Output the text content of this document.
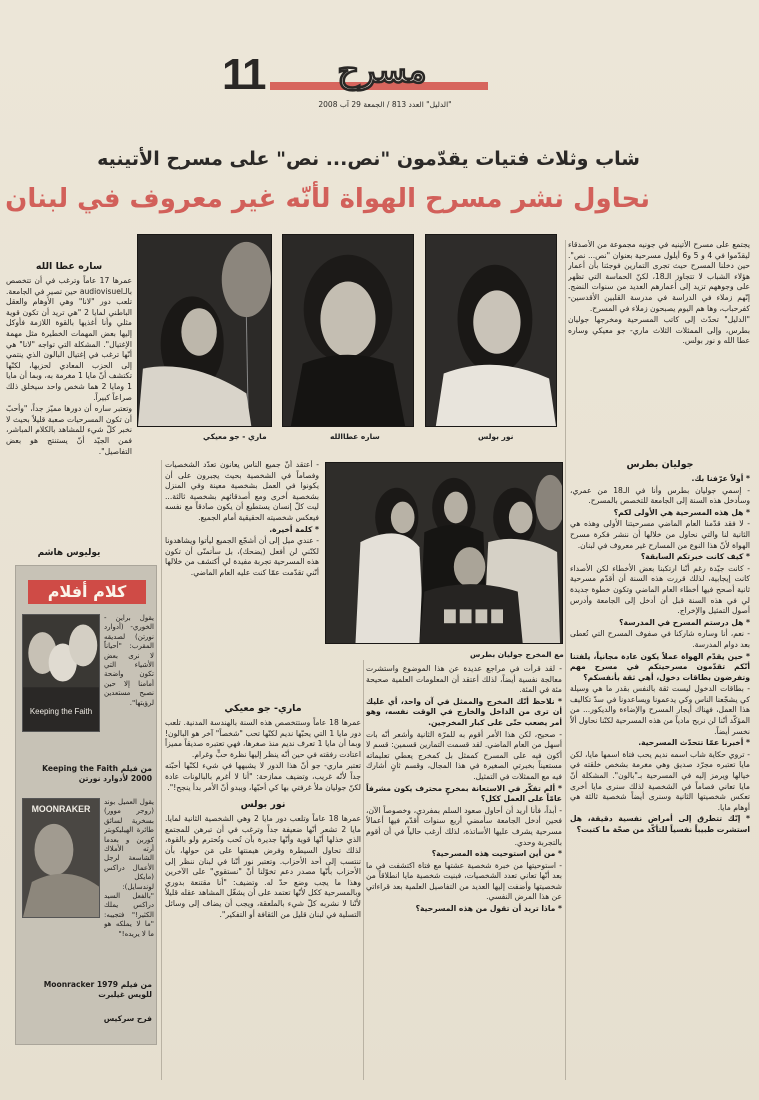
11	مسرح
"الدليل" العدد 813 / الجمعة 29 آب 2008
شاب وثلاث فتيات يقدّمون "نص... نص" على مسرح الأتينيه
نحاول نشر مسرح الهواة لأنّه غير معروف في لبنان

يجتمع على مسرح الأتينيه في جونيه مجموعة من الأصدقاء ليقدّموا في 4 و 5 و6 أيلول مسرحية بعنوان "نص... نص". حين دخلنا المسرح حيث تجرى التمارين فوجئنا بأن أعمار هؤلاء الشباب لا تتجاوز الـ18، لكنّ الحماسة التي تظهر على وجوههم تزيد إلى أعمارهم العديد من سنوات النضج. إنّهم زملاء في الدراسة في مدرسة القلبين الأقدسين- كفرحباب، وها هم اليوم يصبحون زملاء في المسرح.

"الدليل" تحدّث إلى كاتب المسرحية ومخرجها جوليان بطرس، وإلى الممثلات الثلاث ماري- جو معيكي وساره عطا الله و نور بولس.

نور بولس
ساره عطاالله
ماري - جو معيكي
مع المخرج جوليان بطرس
جوليان بطرس

* أولاً عرّفنا بك.

- إسمي جوليان بطرس وأنا في الـ18 من عمري، وسأدخل هذه السنة إلى الجامعة للتخصص بالمسرح.

* هل هذه المسرحية هي الأولى لكم؟

- لا فقد قدّمنا العام الماضي مسرحيتنا الأولى وهذه هي الثانية لنا والتي نحاول من خلالها أن ننشر فكرة مسرح الهواة لأنّ هذا النوع من المسارح غير معروف في لبنان.

* كيف كانت خبرتكم السابقة؟

- كانت جيّدة رغم أنّنا ارتكبنا بعض الأخطاء لكن الأصداء كانت إيجابية، لذلك قررت هذه السنة أن أقدّم مسرحية ثانية أصحح فيها أخطاء العام الماضي وتكون خطوة جديدة لي في هذه السنة قبل أن أدخل إلى الجامعة وأدرس أصول التمثيل والإخراج.

* هل درستم المسرح في المدرسة؟

- نعم، أنا وساره شاركنا في صفوف المسرح التي تُعطى بعد دوام المدرسة.

* حين يقدّم الهواة عملاً يكون عادة مجانياً، يلفتنا أنّكم تقدّمون مسرحيتكم في مسرح مهم وتفرضون بطاقات دخول، أهي ثقة بأنفسكم؟

- بطاقات الدخول ليست ثقة بالنفس بقدر ما هي وسيلة كي يشجّعنا الناس وكي يدعمونا ويساعدونا في سدّ تكاليف هذا العمل، فهناك أيجار المسرح والإضاءة والديكور... من المؤكّد أنّنا لن نربح مادياً من هذه المسرحية لكنّنا نحاول ألاّ نخسر أيضاً.

* أخبرنا عمّا تتحدّث المسرحية.

- تروي حكاية شاب اسمه نديم يحب فتاة اسمها مايا، لكن مايا تعتبره مجرّد صديق وهي مغرمة بشخص خلقته في خيالها ويرمز إليه في المسرحية بـ"بالون". المشكلة أنّ مايا تعاني فصاماً في الشخصية لذلك سنرى مايا أخرى تعكس شخصيتها الثانية وسنرى أيضاً شخصية ثالثة هي أوهام مايا.

* إنّك تتطرق إلى أمراض نفسية دقيقة، هل استشرت طبيباً نفسياً للتأكّد من صحّة ما كتبت؟

- لقد قرأت في مراجع عديدة عن هذا الموضوع واستشرت معالجة نفسية أيضاً، لذلك أعتقد أن المعلومات العلمية صحيحة مئة في المئة.

* نلاحظ أنّك المخرج والممثل في آن واحد، أي عليك أن ترى من الداخل والخارج في الوقت نفسه، وهو أمر يصعب حتّى على كبار المخرجين.

- صحيح، لكن هذا الأمر أقوم به للمرّة الثانية وأشعر أنّه بات أسهل من العام الماضي. لقد قسمت التمارين قسمين: قسم لا أكون فيه على المسرح كممثل بل كمخرج يعطي تعليماته مستعيناً بخبرتي الصغيرة في هذا المجال، وقسم ثانٍ أشارك فيه مع الممثلات في التمثيل.

* ألم تفكّر في الاستعانة بمخرجٍ محترف يكون مشرفاً عامّاً على العمل ككل؟

- أبداً، فأنا أريد أن أحاول صعود السلم بمفردي، وخصوصاً الآن، فحين أدخل الجامعة سأمضي أربع سنوات أقدّم فيها أعمالاً مسرحية يشرف عليها الأساتذة، لذلك أرغب حالياً في أن أقوم بالتجربة وحدي.

* من أين استوحيت هذه المسرحية؟

- استوحيتها من خبرة شخصية عشتها مع فتاة اكتشفت في ما بعد أنّها تعاني تعدد الشخصيات، فبنيت شخصية مايا انطلاقاً من شخصيتها وأضفت إليها العديد من التفاصيل العلمية بعد قراءاتي عن هذا المرض النفسي.

* ماذا تريد أن تقول من هذه المسرحية؟

- أعتقد أنّ جميع الناس يعانون تعدّد الشخصيات وفصاماً في الشخصية بحيث يجبرون على أن يكونوا في العمل بشخصية معينة وفي المنزل بشخصية أخرى ومع أصدقائهم بشخصية ثالثة... ليت كلّ إنسان يستطيع أن يكون صادقاً مع نفسه فيعكس شخصيته الحقيقية أمام الجميع.

* كلمة أخيرة.

- عندي ميل إلى أن أشجّع الجميع ليأتوا ويشاهدونا لكنّني لن أفعل (يضحك)، بل سأتمنّى أن تكون هذه المسرحية تجربة مفيدة لي أكتشف من خلالها أنّني تقدّمت عمّا كنت عليه العام الماضي.

ماري- جو معيكي

عمرها 18 عاماً وستتخصص هذه السنة بالهندسة المدنية. تلعب دور مايا 1 التي يحبّها نديم لكنّها تحب "شخصاً" آخر هو البالون! وبما أن مايا 1 تعرف نديم منذ صغرها، فهي تعتبره صديقاً مميزاً اعتادت رفقته في حين أنّه ينظر إليها نظرة حبٍّ وغرام.

تعتبر ماري- جو أنّ هذا الدور لا يشبهها في شيء لكنّها أحبّته جداً لأنّه غريب، وتضيف ممازحة: "أنا لا أغرم بالبالونات عادة لكنّ جوليان ملأ غرفتي بها كي أحبّها، ويبدو أنّ الأمر بدأ ينجح!".

نور بولس

عمرها 18 عاماً وتلعب دور مايا 2 وهي الشخصية الثانية لمايا. مايا 2 تشعر أنّها ضعيفة جداً وترغب في أن تبرهن للمجتمع الذي خذلها أنّها قوية وأنّها جديرة بأن تُحب وتُحترم ولو بالقوة، لذلك تحاول السيطرة وفرض هيمنتها على مَن حولها، بأن تنتسب إلى أحد الأحزاب. وتعتبر نور أنّنا في لبنان ننظر إلى الأحزاب بأنّها مصدر دعم تخوّلنا أنْ "نستقوي" على الآخرين وهذا ما يجب وضع حدّ له. وتضيف: "أنا مقتنعة بدوري وبالمسرحية ككل لأنّها تعتمد على أن يشغّل المشاهد عقله قليلاً لأنّنا لا نشربه كلّ شيء بالملعقة، ويجب أن يضاف إلى وسائل التسلية في لبنان قليل من الثقافة أو التفكير".

ساره عطا الله

عمرها 17 عاماً وترغب في أن تتخصص بالـaudiovisuel حين تصير في الجامعة. تلعب دور "لانا" وهي الأوهام والعقل الباطني لمايا 2 "هي تريد أن تكون قوية مثلي وأنا أغذيها بالقوة اللازمة فأوكل إليها بعض المهمات الخطيرة مثل مهمة الإغتيال". المشكلة التي تواجه "لانا" هي أنّها ترغب في إغتيال البالون الذي ينتمي إلى الحزب المعادي لحزبها، لكنّها تكتشف أنّ مايا 1 مغرمة به، وبما أن مايا 1 ومايا 2 هما شخص واحد سيخلق ذلك صراعاً كبيراً.

وتعتبر ساره أن دورها مميّز جداً، "وأحبّ أن تكون المسرحيات صعبة قليلاً بحيث لا نخبر كلّ شيء للمشاهد بالكلام المباشر، فمن الجيّد أنّ يستنتج هو بعض التفاصيل".

يوليوس هاشم
كلام أفلام
Keeping the Faith
يقول براين - الخوري- (أدوارد نورتن) لصديقه المقرب: "أحياناً لا نرى بعض الأشياء التي تكون واضحة أمامنا إلا حين نصبح مستعدين لرؤيتها".
من فيلم Keeping the Faith 2000 لأدوارد نورتن
MOONRAKER
يقول العميل بوند (روجر موور) بسخرية لسائق طائرة الهيليكوبتر كوربن و بعدما أرته الأملاك الشاسعة لرجل الأعمال دراكس (مايكل لوندسايل): "بالفعل السيد دراكس يملك الكثير!" فتجيبه: "ما لا يملكه هو ما لا يريده!"
من فيلم Moonracker 1979 للويس غيلبرت
فرح سركيس
